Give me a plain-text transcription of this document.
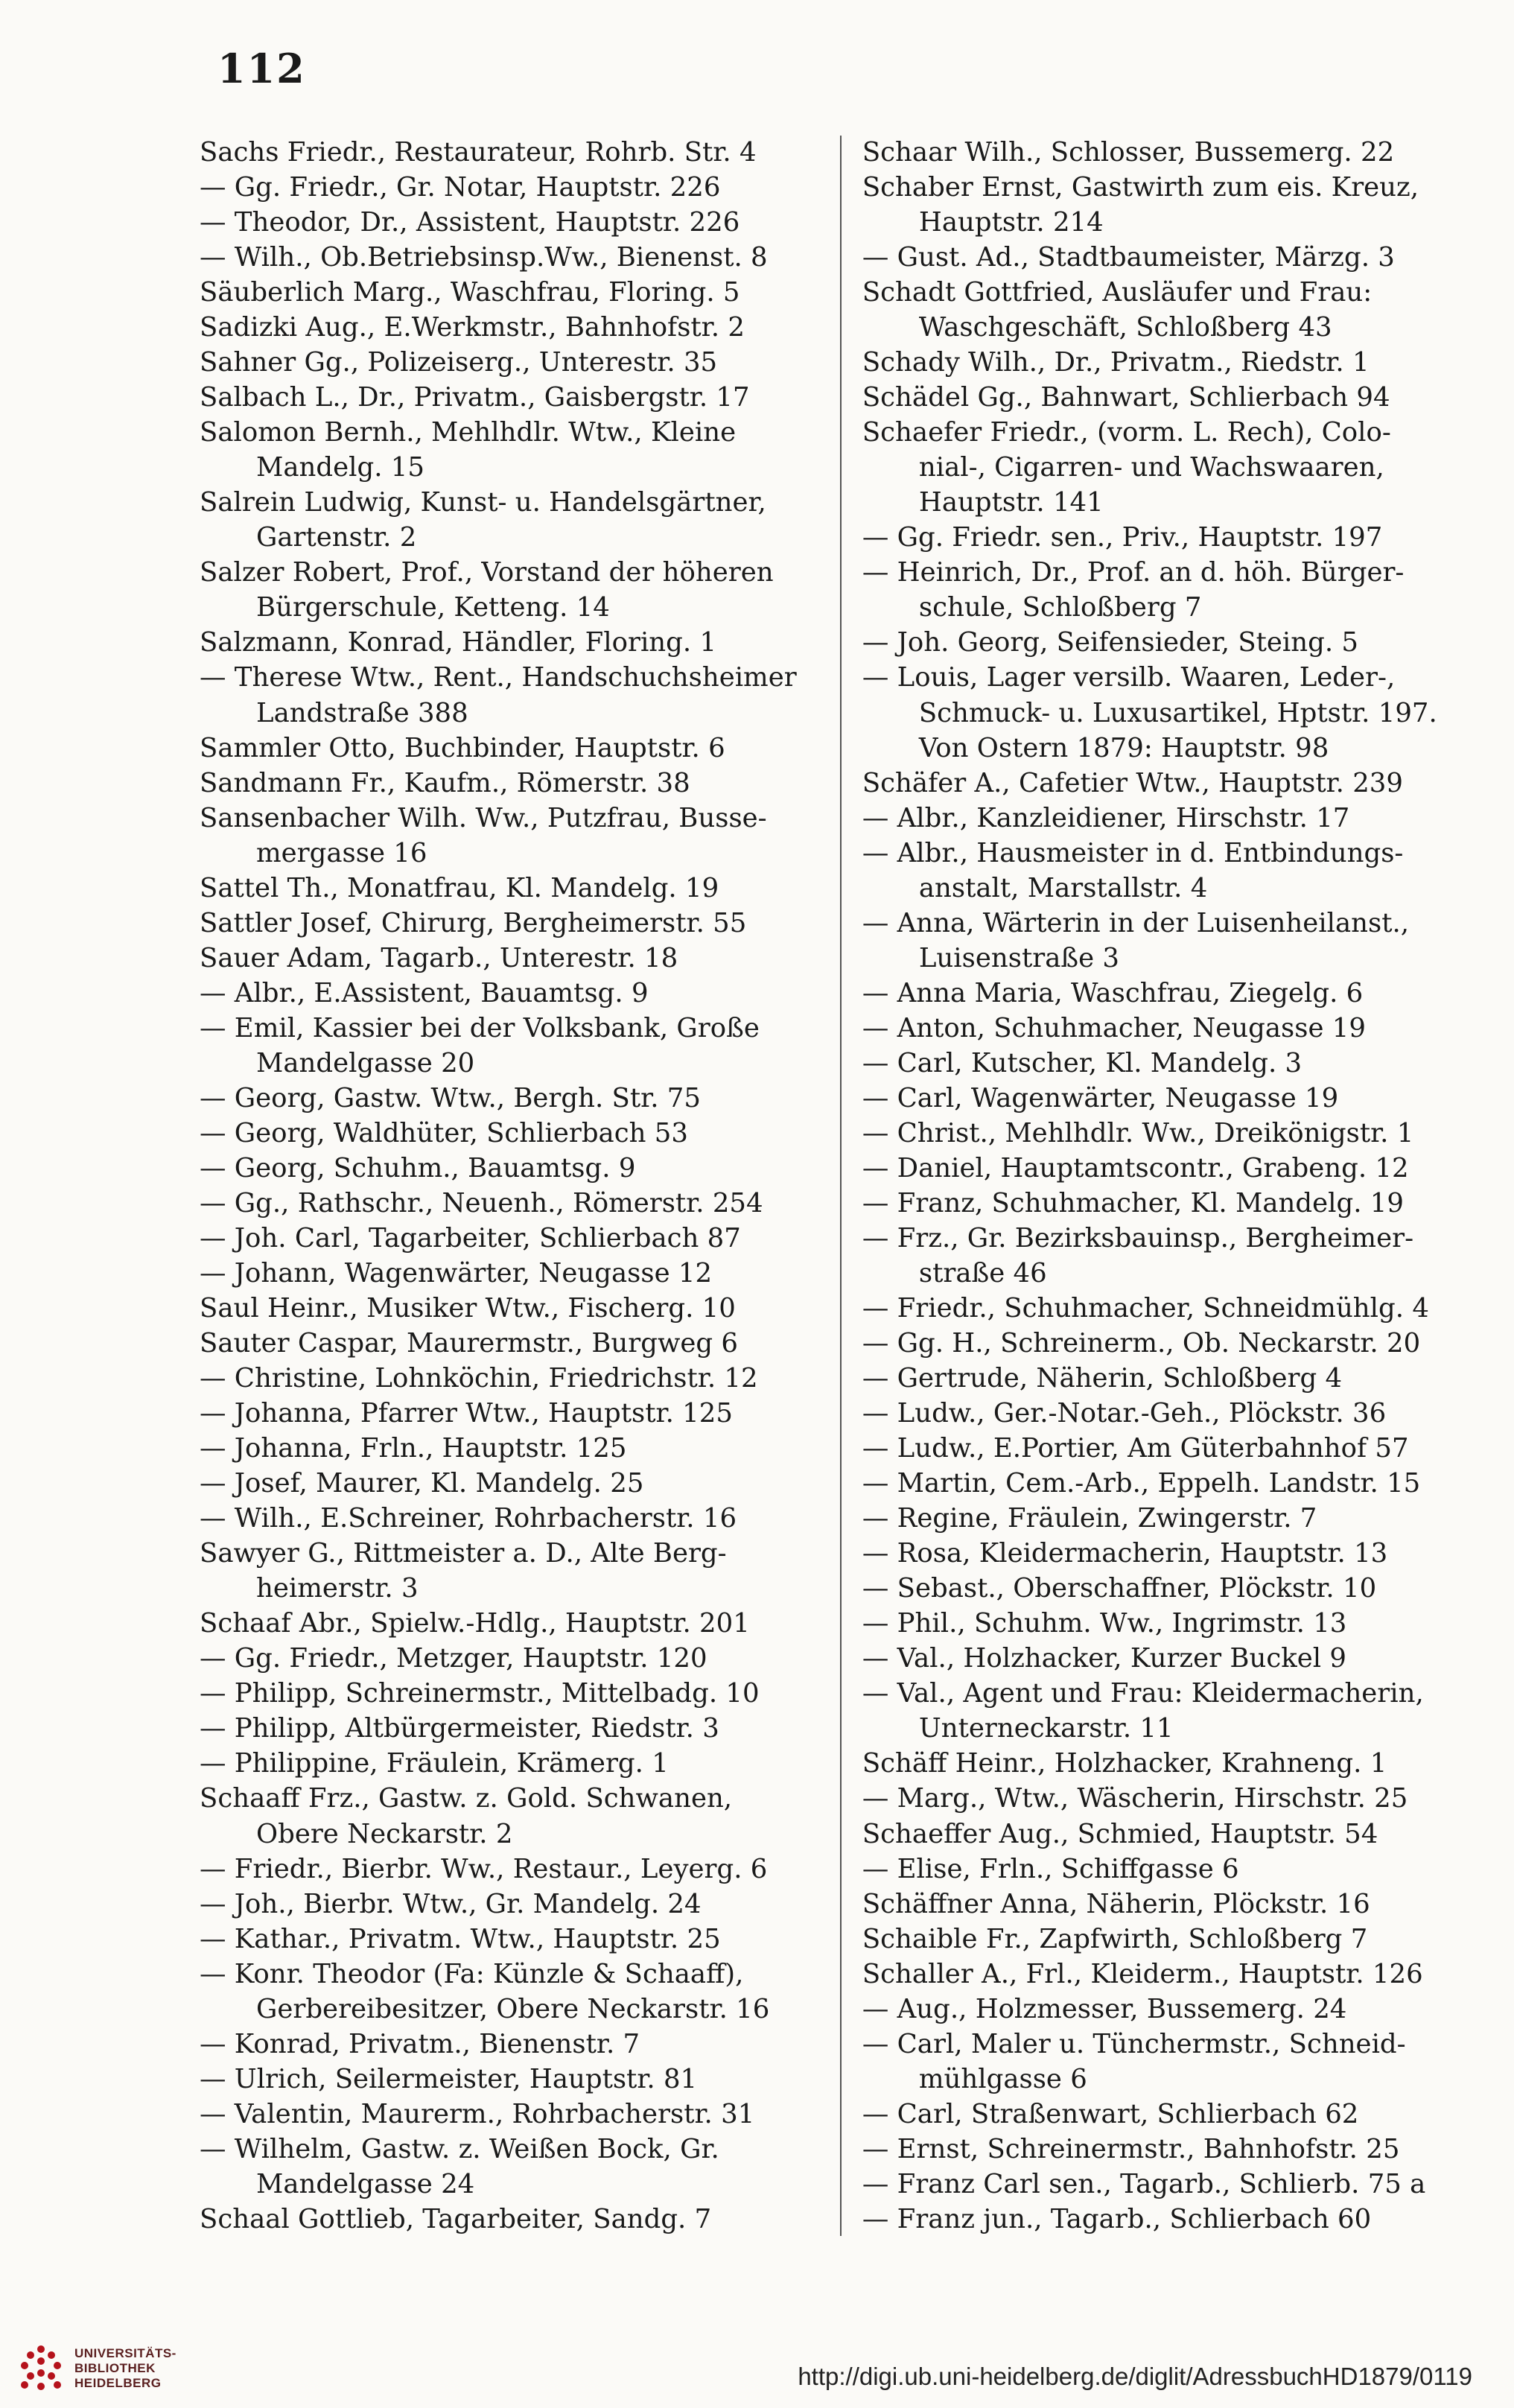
112
Sachs Friedr., Restaurateur, Rohrb. Str. 4
— Gg. Friedr., Gr. Notar, Hauptstr. 226
— Theodor, Dr., Assistent, Hauptstr. 226
— Wilh., Ob.Betriebsinsp.Ww., Bienenst. 8
Säuberlich Marg., Waschfrau, Floring. 5
Sadizki Aug., E.Werkmstr., Bahnhofstr. 2
Sahner Gg., Polizeiserg., Unterestr. 35
Salbach L., Dr., Privatm., Gaisbergstr. 17
Salomon Bernh., Mehlhdlr. Wtw., Kleine
Mandelg. 15
Salrein Ludwig, Kunst- u. Handelsgärtner,
Gartenstr. 2
Salzer Robert, Prof., Vorstand der höheren
Bürgerschule, Ketteng. 14
Salzmann, Konrad, Händler, Floring. 1
— Therese Wtw., Rent., Handschuchsheimer
Landstraße 388
Sammler Otto, Buchbinder, Hauptstr. 6
Sandmann Fr., Kaufm., Römerstr. 38
Sansenbacher Wilh. Ww., Putzfrau, Busse-
mergasse 16
Sattel Th., Monatfrau, Kl. Mandelg. 19
Sattler Josef, Chirurg, Bergheimerstr. 55
Sauer Adam, Tagarb., Unterestr. 18
— Albr., E.Assistent, Bauamtsg. 9
— Emil, Kassier bei der Volksbank, Große
Mandelgasse 20
— Georg, Gastw. Wtw., Bergh. Str. 75
— Georg, Waldhüter, Schlierbach 53
— Georg, Schuhm., Bauamtsg. 9
— Gg., Rathschr., Neuenh., Römerstr. 254
— Joh. Carl, Tagarbeiter, Schlierbach 87
— Johann, Wagenwärter, Neugasse 12
Saul Heinr., Musiker Wtw., Fischerg. 10
Sauter Caspar, Maurermstr., Burgweg 6
— Christine, Lohnköchin, Friedrichstr. 12
— Johanna, Pfarrer Wtw., Hauptstr. 125
— Johanna, Frln., Hauptstr. 125
— Josef, Maurer, Kl. Mandelg. 25
— Wilh., E.Schreiner, Rohrbacherstr. 16
Sawyer G., Rittmeister a. D., Alte Berg-
heimerstr. 3
Schaaf Abr., Spielw.-Hdlg., Hauptstr. 201
— Gg. Friedr., Metzger, Hauptstr. 120
— Philipp, Schreinermstr., Mittelbadg. 10
— Philipp, Altbürgermeister, Riedstr. 3
— Philippine, Fräulein, Krämerg. 1
Schaaff Frz., Gastw. z. Gold. Schwanen,
Obere Neckarstr. 2
— Friedr., Bierbr. Ww., Restaur., Leyerg. 6
— Joh., Bierbr. Wtw., Gr. Mandelg. 24
— Kathar., Privatm. Wtw., Hauptstr. 25
— Konr. Theodor (Fa: Künzle & Schaaff),
Gerbereibesitzer, Obere Neckarstr. 16
— Konrad, Privatm., Bienenstr. 7
— Ulrich, Seilermeister, Hauptstr. 81
— Valentin, Maurerm., Rohrbacherstr. 31
— Wilhelm, Gastw. z. Weißen Bock, Gr.
Mandelgasse 24
Schaal Gottlieb, Tagarbeiter, Sandg. 7
Schaar Wilh., Schlosser, Bussemerg. 22
Schaber Ernst, Gastwirth zum eis. Kreuz,
Hauptstr. 214
— Gust. Ad., Stadtbaumeister, Märzg. 3
Schadt Gottfried, Ausläufer und Frau:
Waschgeschäft, Schloßberg 43
Schady Wilh., Dr., Privatm., Riedstr. 1
Schädel Gg., Bahnwart, Schlierbach 94
Schaefer Friedr., (vorm. L. Rech), Colo-
nial-, Cigarren- und Wachswaaren,
Hauptstr. 141
— Gg. Friedr. sen., Priv., Hauptstr. 197
— Heinrich, Dr., Prof. an d. höh. Bürger-
schule, Schloßberg 7
— Joh. Georg, Seifensieder, Steing. 5
— Louis, Lager versilb. Waaren, Leder-,
Schmuck- u. Luxusartikel, Hptstr. 197.
Von Ostern 1879: Hauptstr. 98
Schäfer A., Cafetier Wtw., Hauptstr. 239
— Albr., Kanzleidiener, Hirschstr. 17
— Albr., Hausmeister in d. Entbindungs-
anstalt, Marstallstr. 4
— Anna, Wärterin in der Luisenheilanst.,
Luisenstraße 3
— Anna Maria, Waschfrau, Ziegelg. 6
— Anton, Schuhmacher, Neugasse 19
— Carl, Kutscher, Kl. Mandelg. 3
— Carl, Wagenwärter, Neugasse 19
— Christ., Mehlhdlr. Ww., Dreikönigstr. 1
— Daniel, Hauptamtscontr., Grabeng. 12
— Franz, Schuhmacher, Kl. Mandelg. 19
— Frz., Gr. Bezirksbauinsp., Bergheimer-
straße 46
— Friedr., Schuhmacher, Schneidmühlg. 4
— Gg. H., Schreinerm., Ob. Neckarstr. 20
— Gertrude, Näherin, Schloßberg 4
— Ludw., Ger.-Notar.-Geh., Plöckstr. 36
— Ludw., E.Portier, Am Güterbahnhof 57
— Martin, Cem.-Arb., Eppelh. Landstr. 15
— Regine, Fräulein, Zwingerstr. 7
— Rosa, Kleidermacherin, Hauptstr. 13
— Sebast., Oberschaffner, Plöckstr. 10
— Phil., Schuhm. Ww., Ingrimstr. 13
— Val., Holzhacker, Kurzer Buckel 9
— Val., Agent und Frau: Kleidermacherin,
Unterneckarstr. 11
Schäff Heinr., Holzhacker, Krahneng. 1
— Marg., Wtw., Wäscherin, Hirschstr. 25
Schaeffer Aug., Schmied, Hauptstr. 54
— Elise, Frln., Schiffgasse 6
Schäffner Anna, Näherin, Plöckstr. 16
Schaible Fr., Zapfwirth, Schloßberg 7
Schaller A., Frl., Kleiderm., Hauptstr. 126
— Aug., Holzmesser, Bussemerg. 24
— Carl, Maler u. Tünchermstr., Schneid-
mühlgasse 6
— Carl, Straßenwart, Schlierbach 62
— Ernst, Schreinermstr., Bahnhofstr. 25
— Franz Carl sen., Tagarb., Schlierb. 75 a
— Franz jun., Tagarb., Schlierbach 60
UNIVERSITÄTS-
BIBLIOTHEK
HEIDELBERG	http://digi.ub.uni-heidelberg.de/diglit/AdressbuchHD1879/0119
